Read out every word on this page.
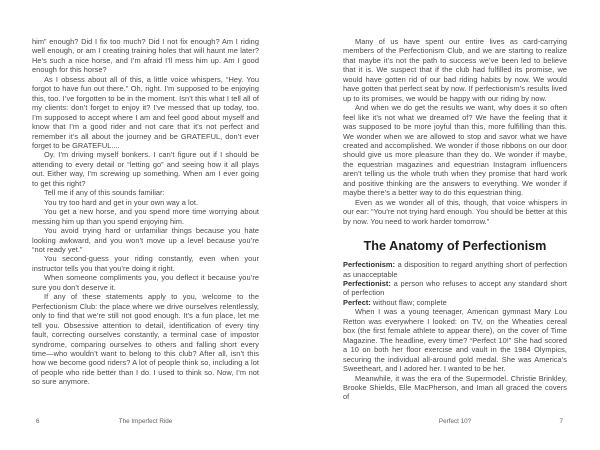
him” enough? Did I fix too much? Did I not fix enough? Am I riding well enough, or am I creating training holes that will haunt me later? He’s such a nice horse, and I’m afraid I’ll mess him up. Am I good enough for this horse?

As I obsess about all of this, a little voice whispers, “Hey. You forgot to have fun out there.” Oh, right. I’m supposed to be enjoying this, too. I’ve forgotten to be in the moment. Isn’t this what I tell all of my clients: don’t forget to enjoy it? I’ve messed that up today, too. I’m supposed to accept where I am and feel good about myself and know that I’m a good rider and not care that it’s not perfect and remember it’s all about the journey and be GRATEFUL, don’t ever forget to be GRATEFUL....

Oy. I’m driving myself bonkers. I can’t figure out if I should be attending to every detail or “letting go” and seeing how it all plays out. Either way, I’m screwing up something. When am I ever going to get this right?

Tell me if any of this sounds familiar:

You try too hard and get in your own way a lot.

You get a new horse, and you spend more time worrying about messing him up than you spend enjoying him.

You avoid trying hard or unfamiliar things because you hate looking awkward, and you won’t move up a level because you’re “not ready yet.”

You second-guess your riding constantly, even when your instructor tells you that you’re doing it right.

When someone compliments you, you deflect it because you’re sure you don’t deserve it.

If any of these statements apply to you, welcome to the Perfectionism Club: the place where we drive ourselves relentlessly, only to find that we’re still not good enough. It’s a fun place, let me tell you. Obsessive attention to detail, identification of every tiny fault, correcting ourselves constantly, a terminal case of impostor syndrome, comparing ourselves to others and falling short every time—who wouldn’t want to belong to this club? After all, isn’t this how we become good riders? A lot of people think so, including a lot of people who ride better than I do. I used to think so. Now, I’m not so sure anymore.

6	The Imperfect Ride

Many of us have spent our entire lives as card-carrying members of the Perfectionism Club, and we are starting to realize that maybe it’s not the path to success we’ve been led to believe that it is. We suspect that if the club had fulfilled its promise, we would have gotten rid of our bad riding habits by now. We would have gotten that perfect seat by now. If perfectionism’s results lived up to its promises, we would be happy with our riding by now.

And when we do get the results we want, why does it so often feel like it’s not what we dreamed of? We have the feeling that it was supposed to be more joyful than this, more fulfilling than this. We wonder when we are allowed to stop and savor what we have created and accomplished. We wonder if those ribbons on our door should give us more pleasure than they do. We wonder if maybe, the equestrian magazines and equestrian Instagram influencers aren’t telling us the whole truth when they promise that hard work and positive thinking are the answers to everything. We wonder if maybe there’s a better way to do this equestrian thing.

Even as we wonder all of this, though, that voice whispers in our ear: “You’re not trying hard enough. You should be better at this by now. You need to work harder tomorrow.”

The Anatomy of Perfectionism

Perfectionism: a disposition to regard anything short of perfection as unacceptable

Perfectionist: a person who refuses to accept any standard short of perfection

Perfect: without flaw; complete

When I was a young teenager, American gymnast Mary Lou Retton was everywhere I looked: on TV, on the Wheaties cereal box (the first female athlete to appear there), on the cover of Time Magazine. The headline, every time? “Perfect 10!” She had scored a 10 on both her floor exercise and vault in the 1984 Olympics, securing the individual all-around gold medal. She was America’s Sweetheart, and I adored her. I wanted to be her.

Meanwhile, it was the era of the Supermodel. Christie Brinkley, Brooke Shields, Elle MacPherson, and Iman all graced the covers of

Perfect 10?	7
